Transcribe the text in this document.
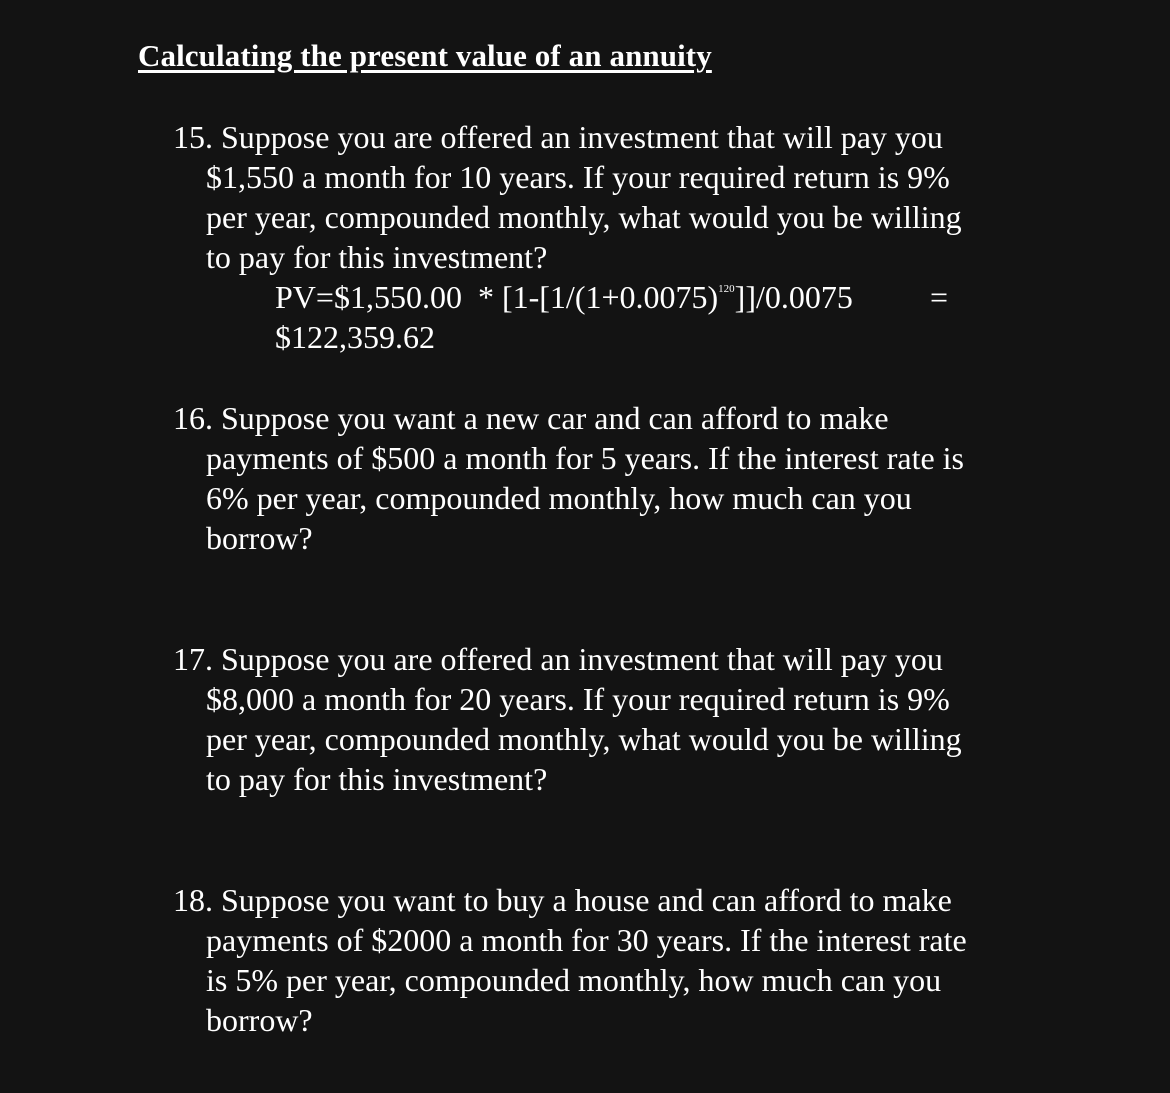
Calculating the present value of an annuity
15. Suppose you are offered an investment that will pay you
$1,550 a month for 10 years. If your required return is 9%
per year, compounded monthly, what would you be willing
to pay for this investment?
PV=$1,550.00  * $[1-[1/(1+0.0075)^{120}]]/0.0075$ =
$122,359.62
16. Suppose you want a new car and can afford to make
payments of $500 a month for 5 years. If the interest rate is
6% per year, compounded monthly, how much can you
borrow?
17. Suppose you are offered an investment that will pay you
$8,000 a month for 20 years. If your required return is 9%
per year, compounded monthly, what would you be willing
to pay for this investment?
18. Suppose you want to buy a house and can afford to make
payments of $2000 a month for 30 years. If the interest rate
is 5% per year, compounded monthly, how much can you
borrow?
